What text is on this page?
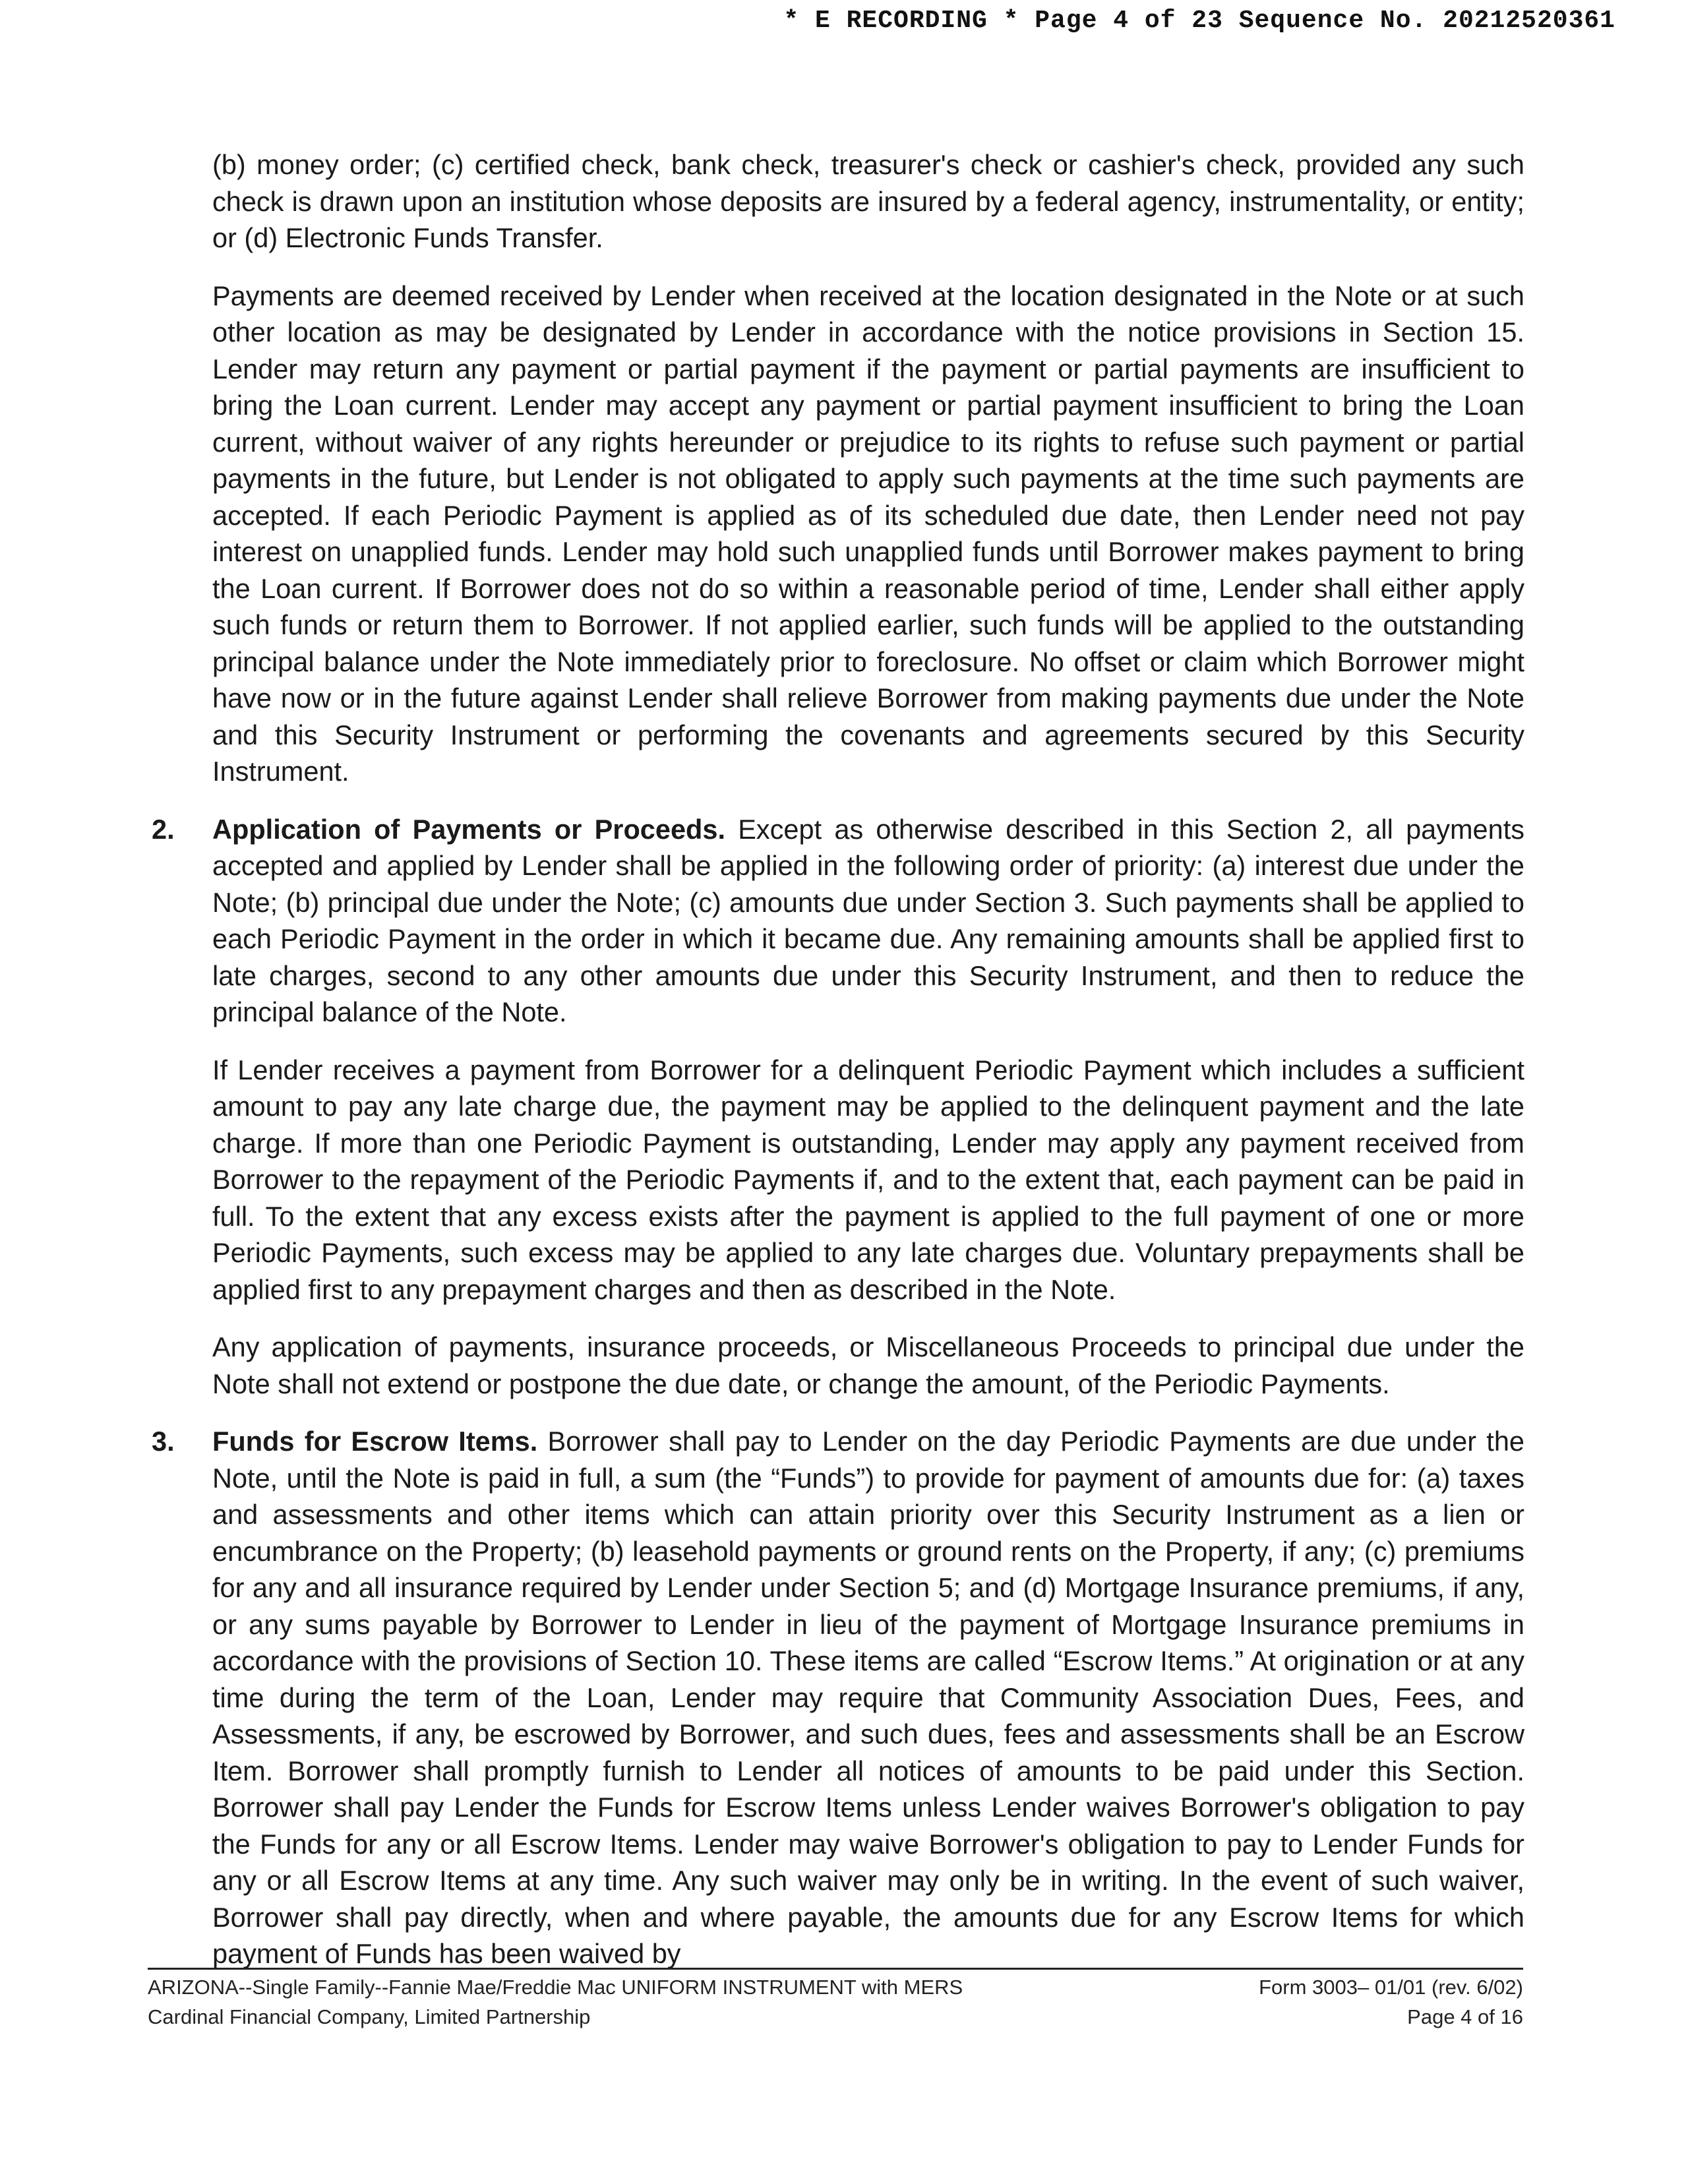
* E RECORDING * Page 4 of 23 Sequence No. 20212520361

(b) money order; (c) certified check, bank check, treasurer's check or cashier's check, provided any such check is drawn upon an institution whose deposits are insured by a federal agency, instrumentality, or entity; or (d) Electronic Funds Transfer.

Payments are deemed received by Lender when received at the location designated in the Note or at such other location as may be designated by Lender in accordance with the notice provisions in Section 15. Lender may return any payment or partial payment if the payment or partial payments are insufficient to bring the Loan current. Lender may accept any payment or partial payment insufficient to bring the Loan current, without waiver of any rights hereunder or prejudice to its rights to refuse such payment or partial payments in the future, but Lender is not obligated to apply such payments at the time such payments are accepted. If each Periodic Payment is applied as of its scheduled due date, then Lender need not pay interest on unapplied funds. Lender may hold such unapplied funds until Borrower makes payment to bring the Loan current. If Borrower does not do so within a reasonable period of time, Lender shall either apply such funds or return them to Borrower. If not applied earlier, such funds will be applied to the outstanding principal balance under the Note immediately prior to foreclosure. No offset or claim which Borrower might have now or in the future against Lender shall relieve Borrower from making payments due under the Note and this Security Instrument or performing the covenants and agreements secured by this Security Instrument.

2. Application of Payments or Proceeds. Except as otherwise described in this Section 2, all payments accepted and applied by Lender shall be applied in the following order of priority: (a) interest due under the Note; (b) principal due under the Note; (c) amounts due under Section 3. Such payments shall be applied to each Periodic Payment in the order in which it became due. Any remaining amounts shall be applied first to late charges, second to any other amounts due under this Security Instrument, and then to reduce the principal balance of the Note.

If Lender receives a payment from Borrower for a delinquent Periodic Payment which includes a sufficient amount to pay any late charge due, the payment may be applied to the delinquent payment and the late charge. If more than one Periodic Payment is outstanding, Lender may apply any payment received from Borrower to the repayment of the Periodic Payments if, and to the extent that, each payment can be paid in full. To the extent that any excess exists after the payment is applied to the full payment of one or more Periodic Payments, such excess may be applied to any late charges due. Voluntary prepayments shall be applied first to any prepayment charges and then as described in the Note.

Any application of payments, insurance proceeds, or Miscellaneous Proceeds to principal due under the Note shall not extend or postpone the due date, or change the amount, of the Periodic Payments.

3. Funds for Escrow Items. Borrower shall pay to Lender on the day Periodic Payments are due under the Note, until the Note is paid in full, a sum (the “Funds”) to provide for payment of amounts due for: (a) taxes and assessments and other items which can attain priority over this Security Instrument as a lien or encumbrance on the Property; (b) leasehold payments or ground rents on the Property, if any; (c) premiums for any and all insurance required by Lender under Section 5; and (d) Mortgage Insurance premiums, if any, or any sums payable by Borrower to Lender in lieu of the payment of Mortgage Insurance premiums in accordance with the provisions of Section 10. These items are called “Escrow Items.” At origination or at any time during the term of the Loan, Lender may require that Community Association Dues, Fees, and Assessments, if any, be escrowed by Borrower, and such dues, fees and assessments shall be an Escrow Item. Borrower shall promptly furnish to Lender all notices of amounts to be paid under this Section. Borrower shall pay Lender the Funds for Escrow Items unless Lender waives Borrower's obligation to pay the Funds for any or all Escrow Items. Lender may waive Borrower's obligation to pay to Lender Funds for any or all Escrow Items at any time. Any such waiver may only be in writing. In the event of such waiver, Borrower shall pay directly, when and where payable, the amounts due for any Escrow Items for which payment of Funds has been waived by

ARIZONA--Single Family--Fannie Mae/Freddie Mac UNIFORM INSTRUMENT with MERS
Cardinal Financial Company, Limited Partnership
Form 3003– 01/01 (rev. 6/02)
Page 4 of 16
